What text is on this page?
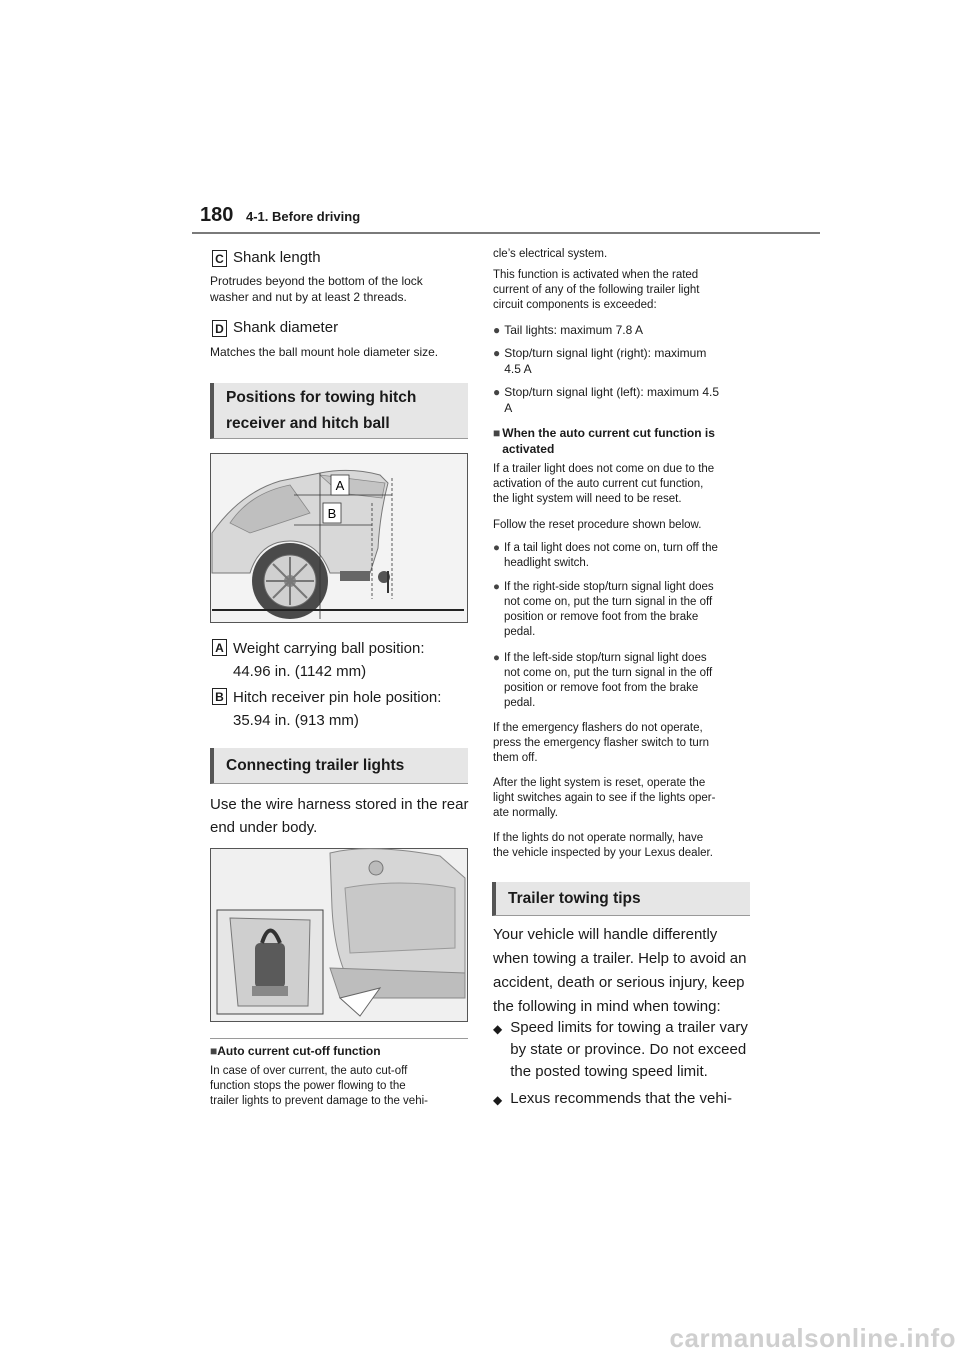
180 4-1. Before driving
C Shank length
Protrudes beyond the bottom of the lock
washer and nut by at least 2 threads.
D Shank diameter
Matches the ball mount hole diameter size.
Positions for towing hitch
receiver and hitch ball
A
B
A Weight carrying ball position:
44.96 in. (1142 mm)
B Hitch receiver pin hole position:
35.94 in. (913 mm)
Connecting trailer lights
Use the wire harness stored in the rear
end under body.
■Auto current cut-off function
In case of over current, the auto cut-off
function stops the power flowing to the
trailer lights to prevent damage to the vehi-
cle’s electrical system.
This function is activated when the rated
current of any of the following trailer light
circuit components is exceeded:
● Tail lights: maximum 7.8 A
● Stop/turn signal light (right): maximum
4.5 A
● Stop/turn signal light (left): maximum 4.5
A
■ When the auto current cut function is
activated
If a trailer light does not come on due to the
activation of the auto current cut function,
the light system will need to be reset.
Follow the reset procedure shown below.
● If a tail light does not come on, turn off the
headlight switch.
● If the right-side stop/turn signal light does
not come on, put the turn signal in the off
position or remove foot from the brake
pedal.
● If the left-side stop/turn signal light does
not come on, put the turn signal in the off
position or remove foot from the brake
pedal.
If the emergency flashers do not operate,
press the emergency flasher switch to turn
them off.
After the light system is reset, operate the
light switches again to see if the lights oper-
ate normally.
If the lights do not operate normally, have
the vehicle inspected by your Lexus dealer.
Trailer towing tips
Your vehicle will handle differently
when towing a trailer. Help to avoid an
accident, death or serious injury, keep
the following in mind when towing:
◆ Speed limits for towing a trailer vary
by state or province. Do not exceed
the posted towing speed limit.
◆ Lexus recommends that the vehi-
carmanualsonline.info
